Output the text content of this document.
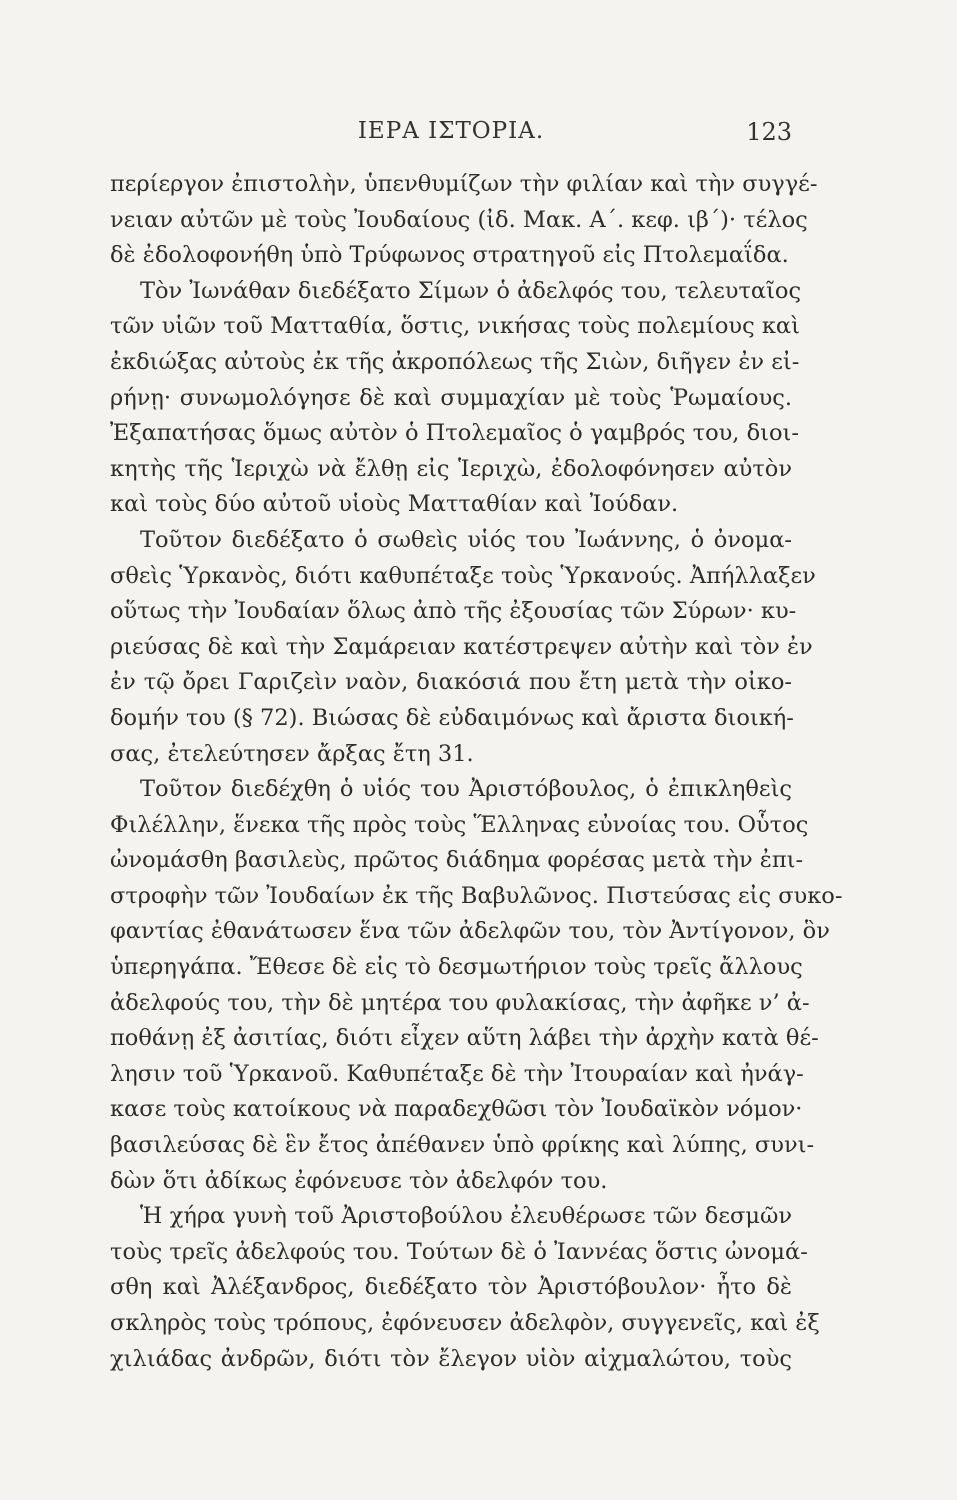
ΙΕΡΑ ΙΣΤΟΡΙΑ.	123
περίεργον ἐπιστολὴν, ὑπενθυμίζων τὴν φιλίαν καὶ τὴν συγγέ-
νειαν αὐτῶν μὲ τοὺς Ἰουδαίους (ἰδ. Μακ. Α΄. κεφ. ιβ΄)· τέλος
δὲ ἐδολοφονήθη ὑπὸ Τρύφωνος στρατηγοῦ εἰς Πτολεμαΐδα.
Τὸν Ἰωνάθαν διεδέξατο Σίμων ὁ ἀδελφός του, τελευταῖος
τῶν υἱῶν τοῦ Ματταθία, ὅστις, νικήσας τοὺς πολεμίους καὶ
ἐκδιώξας αὐτοὺς ἐκ τῆς ἀκροπόλεως τῆς Σιὼν, διῆγεν ἐν εἰ-
ρήνῃ· συνωμολόγησε δὲ καὶ συμμαχίαν μὲ τοὺς Ῥωμαίους.
Ἐξαπατήσας ὅμως αὐτὸν ὁ Πτολεμαῖος ὁ γαμβρός του, διοι-
κητὴς τῆς Ἱεριχὼ νὰ ἔλθῃ εἰς Ἱεριχὼ, ἐδολοφόνησεν αὐτὸν
καὶ τοὺς δύο αὐτοῦ υἱοὺς Ματταθίαν καὶ Ἰούδαν.
Τοῦτον διεδέξατο ὁ σωθεὶς υἱός του Ἰωάννης, ὁ ὀνομα-
σθεὶς Ὑρκανὸς, διότι καθυπέταξε τοὺς Ὑρκανούς. Ἀπήλλαξεν
οὕτως τὴν Ἰουδαίαν ὅλως ἀπὸ τῆς ἐξουσίας τῶν Σύρων· κυ-
ριεύσας δὲ καὶ τὴν Σαμάρειαν κατέστρεψεν αὐτὴν καὶ τὸν ἐν
ἐν τῷ ὄρει Γαριζεὶν ναὸν, διακόσιά που ἔτη μετὰ τὴν οἰκο-
δομήν του (§ 72). Βιώσας δὲ εὐδαιμόνως καὶ ἄριστα διοική-
σας, ἐτελεύτησεν ἄρξας ἔτη 31.
Τοῦτον διεδέχθη ὁ υἱός του Ἀριστόβουλος, ὁ ἐπικληθεὶς
Φιλέλλην, ἕνεκα τῆς πρὸς τοὺς Ἕλληνας εὐνοίας του. Οὗτος
ὠνομάσθη βασιλεὺς, πρῶτος διάδημα φορέσας μετὰ τὴν ἐπι-
στροφὴν τῶν Ἰουδαίων ἐκ τῆς Βαβυλῶνος. Πιστεύσας εἰς συκο-
φαντίας ἐθανάτωσεν ἕνα τῶν ἀδελφῶν του, τὸν Ἀντίγονον, ὃν
ὑπερηγάπα. Ἔθεσε δὲ εἰς τὸ δεσμωτήριον τοὺς τρεῖς ἄλλους
ἀδελφούς του, τὴν δὲ μητέρα του φυλακίσας, τὴν ἀφῆκε ν’ ἀ-
ποθάνῃ ἐξ ἀσιτίας, διότι εἶχεν αὕτη λάβει τὴν ἀρχὴν κατὰ θέ-
λησιν τοῦ Ὑρκανοῦ. Καθυπέταξε δὲ τὴν Ἰτουραίαν καὶ ἠνάγ-
κασε τοὺς κατοίκους νὰ παραδεχθῶσι τὸν Ἰουδαϊκὸν νόμον·
βασιλεύσας δὲ ἓν ἔτος ἀπέθανεν ὑπὸ φρίκης καὶ λύπης, συνι-
δὼν ὅτι ἀδίκως ἐφόνευσε τὸν ἀδελφόν του.
Ἡ χήρα γυνὴ τοῦ Ἀριστοβούλου ἐλευθέρωσε τῶν δεσμῶν
τοὺς τρεῖς ἀδελφούς του. Τούτων δὲ ὁ Ἰαννέας ὅστις ὠνομά-
σθη καὶ Ἀλέξανδρος, διεδέξατο τὸν Ἀριστόβουλον· ἦτο δὲ
σκληρὸς τοὺς τρόπους, ἐφόνευσεν ἀδελφὸν, συγγενεῖς, καὶ ἐξ
χιλιάδας ἀνδρῶν, διότι τὸν ἔλεγον υἱὸν αἰχμαλώτου, τοὺς
